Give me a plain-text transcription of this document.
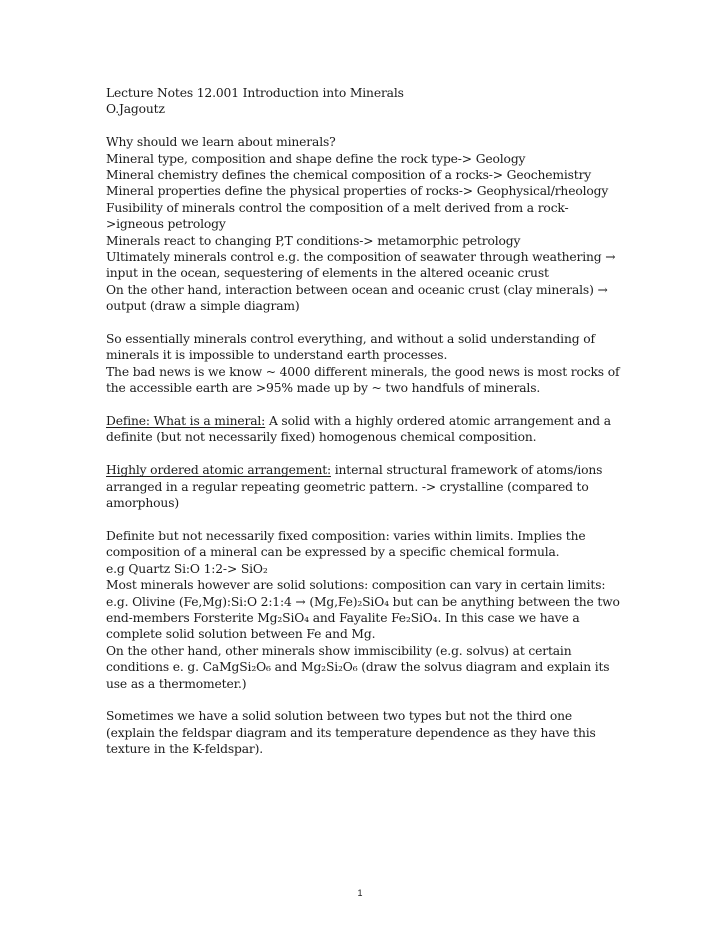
Lecture Notes 12.001 Introduction into Minerals
O.Jagoutz
Why should we learn about minerals?
Mineral type, composition and shape define the rock type-> Geology
Mineral chemistry defines the chemical composition of a rocks-> Geochemistry
Mineral properties define the physical properties of rocks-> Geophysical/rheology
Fusibility of minerals control the composition of a melt derived from a rock-
>igneous petrology
Minerals react to changing P,T conditions-> metamorphic petrology
Ultimately minerals control e.g. the composition of seawater through weathering →
input in the ocean, sequestering of elements in the altered oceanic crust
On the other hand, interaction between ocean and oceanic crust (clay minerals) →
output (draw a simple diagram)
So essentially minerals control everything, and without a solid understanding of
minerals it is impossible to understand earth processes.
The bad news is we know ~ 4000 different minerals, the good news is most rocks of
the accessible earth are >95% made up by ~ two handfuls of minerals.
Define: What is a mineral: A solid with a highly ordered atomic arrangement and a
definite (but not necessarily fixed) homogenous chemical composition.
Highly ordered atomic arrangement: internal structural framework of atoms/ions
arranged in a regular repeating geometric pattern. -> crystalline (compared to
amorphous)
Definite but not necessarily fixed composition: varies within limits. Implies the
composition of a mineral can be expressed by a specific chemical formula.
e.g Quartz Si:O 1:2-> SiO₂
Most minerals however are solid solutions: composition can vary in certain limits:
e.g. Olivine (Fe,Mg):Si:O 2:1:4 → (Mg,Fe)₂SiO₄ but can be anything between the two
end-members Forsterite Mg₂SiO₄ and Fayalite Fe₂SiO₄. In this case we have a
complete solid solution between Fe and Mg.
On the other hand, other minerals show immiscibility (e.g. solvus) at certain
conditions e. g. CaMgSi₂O₆ and Mg₂Si₂O₆ (draw the solvus diagram and explain its
use as a thermometer.)
Sometimes we have a solid solution between two types but not the third one
(explain the feldspar diagram and its temperature dependence as they have this
texture in the K-feldspar).
1
